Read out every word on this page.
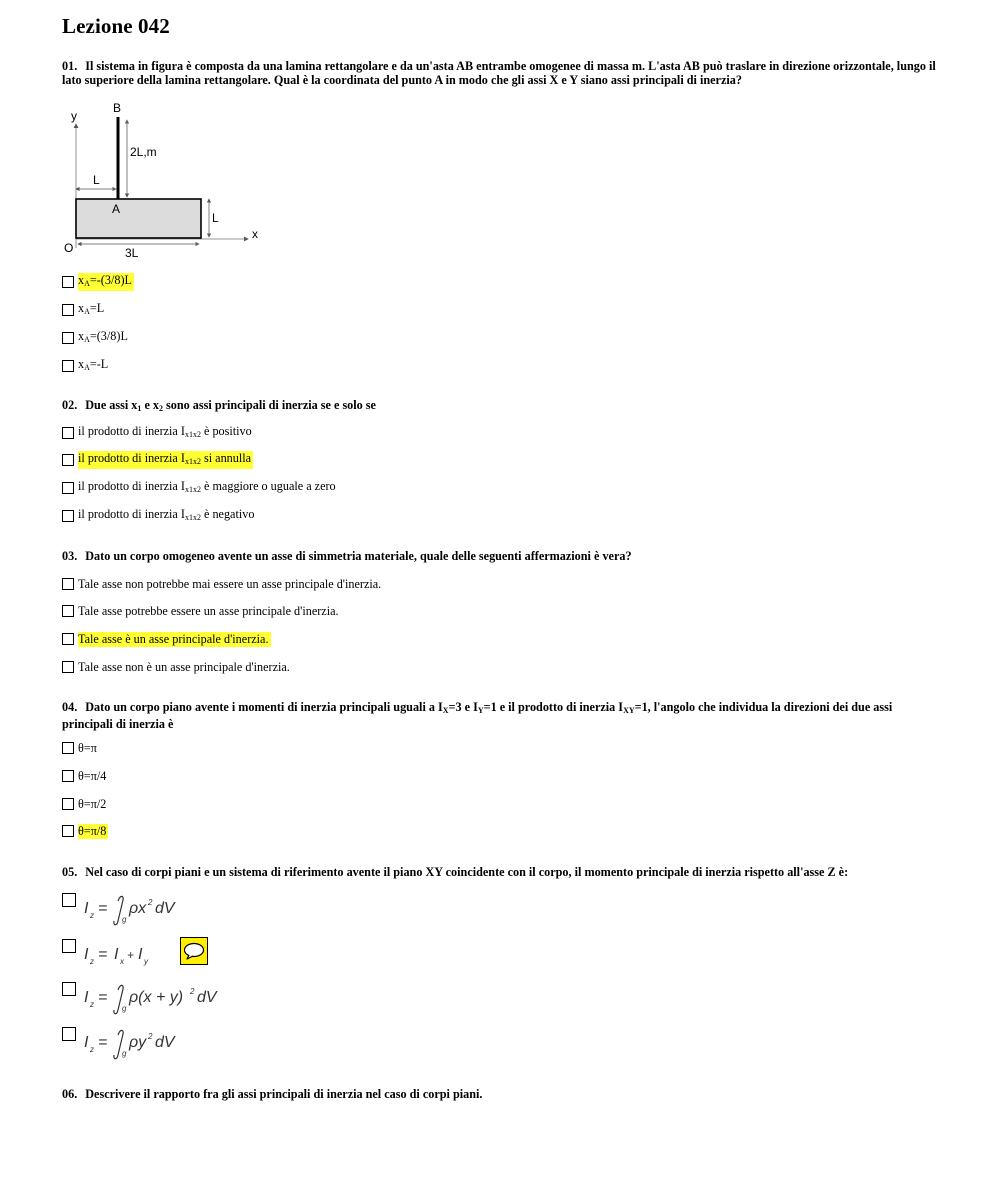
Lezione 042

01. Il sistema in figura è composta da una lamina rettangolare e da un'asta AB entrambe omogenee di massa m. L'asta AB può traslare in direzione orizzontale, lungo il lato superiore della lamina rettangolare. Qual è la coordinata del punto A in modo che gli assi X e Y siano assi principali di inerzia?

y
x
B
A
2L,m
L
L
O	3L
$x_A=-(3/8)L$
$x_A=L$
$x_A=(3/8)L$
$x_A=-L$

02. Due assi $x_1$ e $x_2$ sono assi principali di inerzia se e solo se

il prodotto di inerzia $I_{x1x2}$ è positivo
il prodotto di inerzia $I_{x1x2}$ si annulla
il prodotto di inerzia $I_{x1x2}$ è maggiore o uguale a zero
il prodotto di inerzia $I_{x1x2}$ è negativo

03. Dato un corpo omogeneo avente un asse di simmetria materiale, quale delle seguenti affermazioni è vera?

Tale asse non potrebbe mai essere un asse principale d'inerzia.
Tale asse potrebbe essere un asse principale d'inerzia.
Tale asse è un asse principale d'inerzia.
Tale asse non è un asse principale d'inerzia.

04. Dato un corpo piano avente i momenti di inerzia principali uguali a $I_X=3$ e $I_Y=1$ e il prodotto di inerzia $I_{XY}=1$, l'angolo che individua la direzioni dei due assi principali di inerzia è

θ=π
θ=π/4
θ=π/2
θ=π/8

05. Nel caso di corpi piani e un sistema di riferimento avente il piano XY coincidente con il corpo, il momento principale di inerzia rispetto all'asse Z è:

I z =
g
ρx 2 dV
I z = I x + I y
I z =
g
ρ(x + y) 2 dV
I z =
g
ρy 2 dV

06. Descrivere il rapporto fra gli assi principali di inerzia nel caso di corpi piani.
